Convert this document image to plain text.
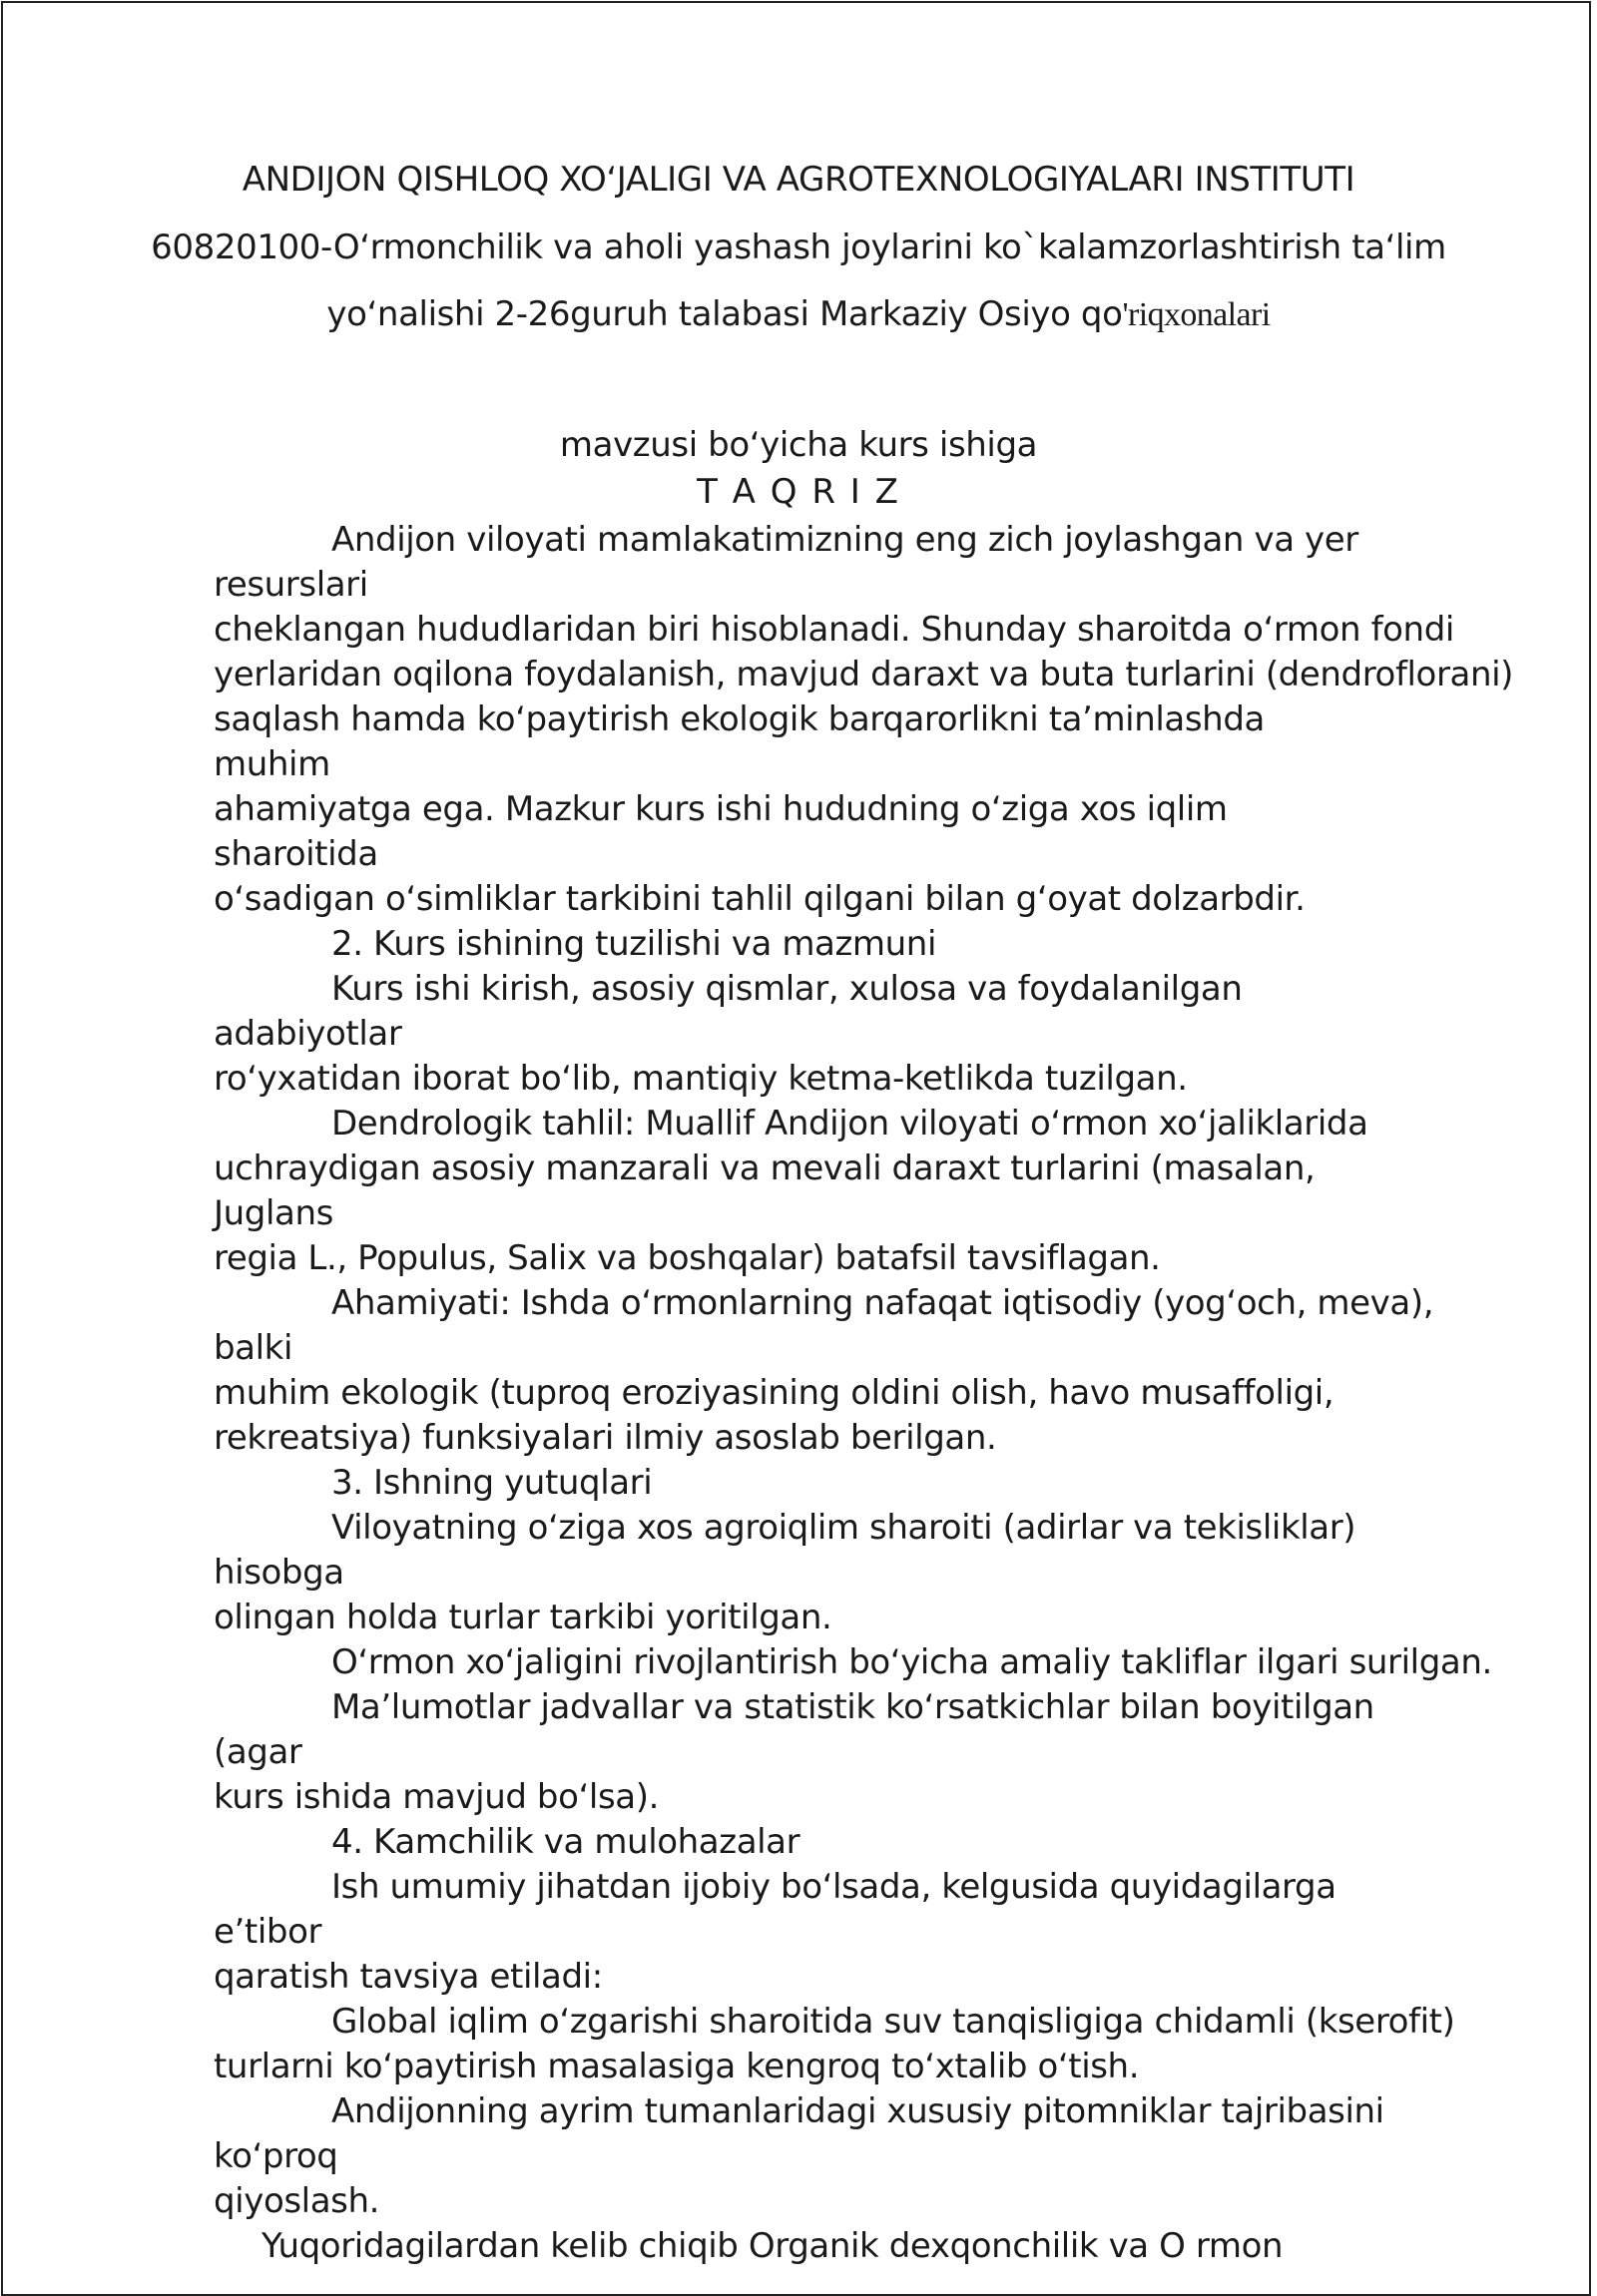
ANDIJON QISHLOQ XOʻJALIGI VA AGROTEXNOLOGIYALARI INSTITUTI
60820100-Oʻrmonchilik va aholi yashash joylarini ko`kalamzorlashtirish taʻlim
yoʻnalishi 2-26guruh talabasi Markaziy Osiyo qo'riqxonalari
mavzusi boʻyicha kurs ishiga
T A Q R I Z
Andijon viloyati mamlakatimizning eng zich joylashgan va yer
resurslari
cheklangan hududlaridan biri hisoblanadi. Shunday sharoitda oʻrmon fondi
yerlaridan oqilona foydalanish, mavjud daraxt va buta turlarini (dendroflorani)
saqlash hamda koʻpaytirish ekologik barqarorlikni taʼminlashda
muhim
ahamiyatga ega. Mazkur kurs ishi hududning oʻziga xos iqlim
sharoitida
oʻsadigan oʻsimliklar tarkibini tahlil qilgani bilan gʻoyat dolzarbdir.
2. Kurs ishining tuzilishi va mazmuni
Kurs ishi kirish, asosiy qismlar, xulosa va foydalanilgan
adabiyotlar
roʻyxatidan iborat boʻlib, mantiqiy ketma-ketlikda tuzilgan.
Dendrologik tahlil: Muallif Andijon viloyati oʻrmon xoʻjaliklarida
uchraydigan asosiy manzarali va mevali daraxt turlarini (masalan,
Juglans
regia L., Populus, Salix va boshqalar) batafsil tavsiflagan.
Ahamiyati: Ishda oʻrmonlarning nafaqat iqtisodiy (yogʻoch, meva),
balki
muhim ekologik (tuproq eroziyasining oldini olish, havo musaffoligi,
rekreatsiya) funksiyalari ilmiy asoslab berilgan.
3. Ishning yutuqlari
Viloyatning oʻziga xos agroiqlim sharoiti (adirlar va tekisliklar)
hisobga
olingan holda turlar tarkibi yoritilgan.
Oʻrmon xoʻjaligini rivojlantirish boʻyicha amaliy takliflar ilgari surilgan.
Maʼlumotlar jadvallar va statistik koʻrsatkichlar bilan boyitilgan
(agar
kurs ishida mavjud boʻlsa).
4. Kamchilik va mulohazalar
Ish umumiy jihatdan ijobiy boʻlsada, kelgusida quyidagilarga
eʼtibor
qaratish tavsiya etiladi:
Global iqlim oʻzgarishi sharoitida suv tanqisligiga chidamli (kserofit)
turlarni koʻpaytirish masalasiga kengroq toʻxtalib oʻtish.
Andijonning ayrim tumanlaridagi xususiy pitomniklar tajribasini
koʻproq
qiyoslash.
Yuqoridagilardan kelib chiqib Organik dexqonchilik va O rmon
